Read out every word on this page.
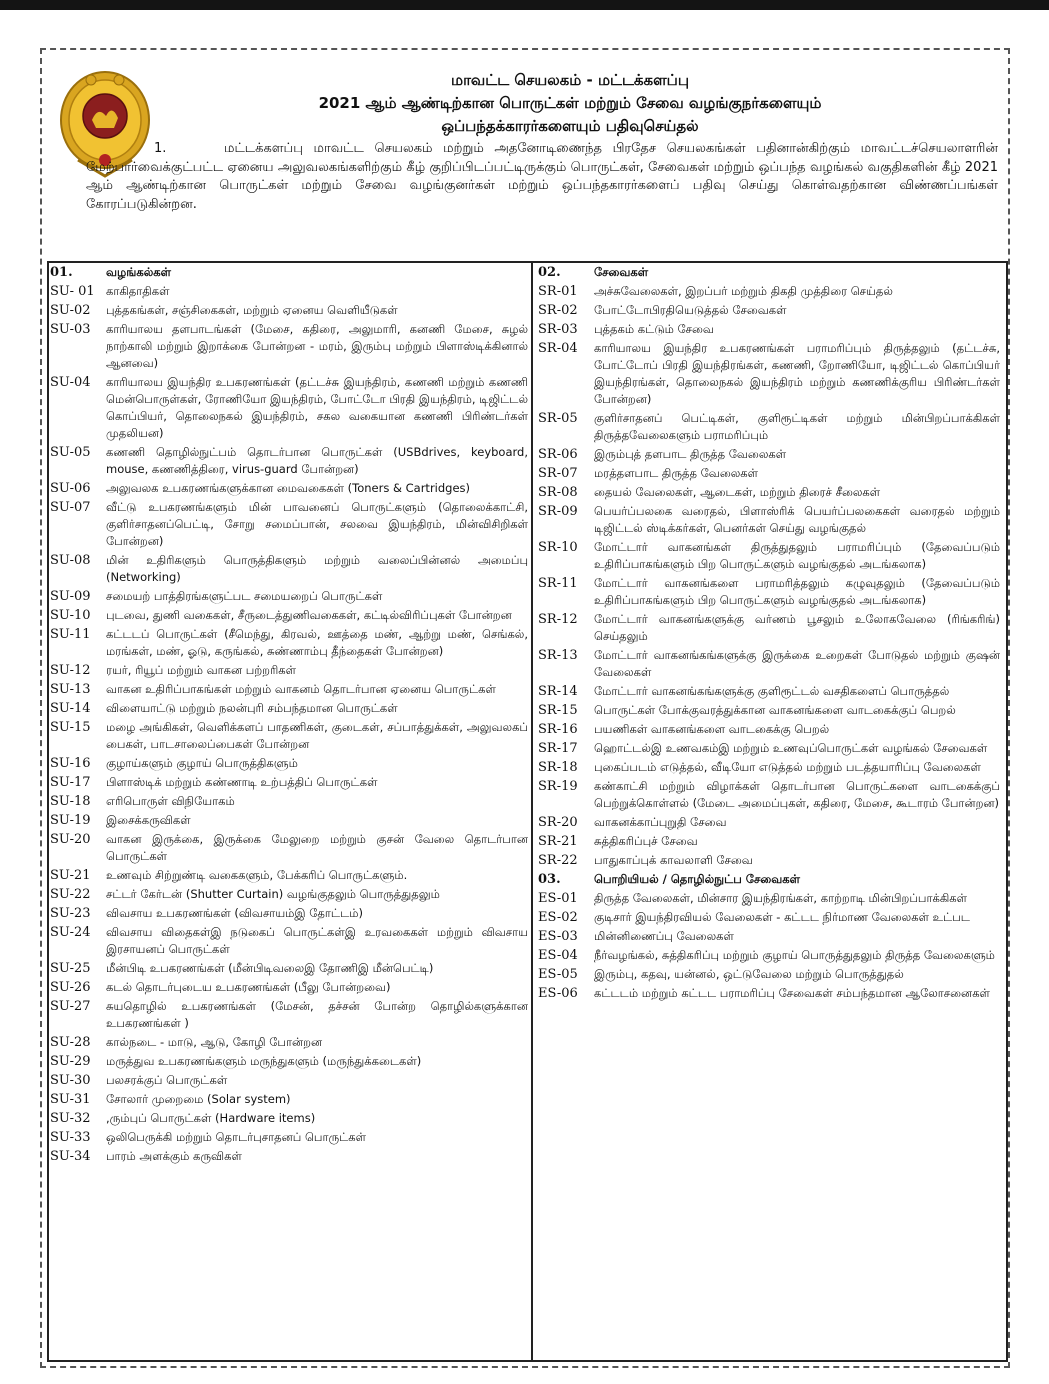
மாவட்ட செயலகம் - மட்டக்களப்பு
2021 ஆம் ஆண்டிற்கான பொருட்கள் மற்றும் சேவை வழங்குநர்களையும்
ஒப்பந்தக்காரர்களையும் பதிவுசெய்தல்
1.	மட்டக்களப்பு மாவட்ட செயலகம் மற்றும் அதனோடிணைந்த பிரதேச செயலகங்கள் பதினான்கிற்கும் மாவட்டச்செயலாளரின் மேற்பார்வைக்குட்பட்ட ஏனைய அலுவலகங்களிற்கும் கீழ் குறிப்பிடப்பட்டிருக்கும் பொருட்கள், சேவைகள் மற்றும் ஒப்பந்த வழங்கல் வகுதிகளின் கீழ் 2021 ஆம் ஆண்டிற்கான பொருட்கள் மற்றும் சேவை வழங்குனர்கள் மற்றும் ஒப்பந்தகாரர்களைப் பதிவு செய்து கொள்வதற்கான விண்ணப்பங்கள் கோரப்படுகின்றன.
01.	வழங்கல்கள்
SU- 01 காகிதாதிகள்
SU-02	புத்தகங்கள், சஞ்சிகைகள், மற்றும் ஏனைய வெளியீடுகள்
SU-03	காரியாலய தளபாடங்கள் (மேசை, கதிரை, அலுமாரி, கனணி மேசை, சுழல் நாற்காலி மற்றும் இறாக்கை போன்றன - மரம், இரும்பு மற்றும் பிளாஸ்டிக்கினால் ஆனவை)
SU-04	காரியாலய இயந்திர உபகரணங்கள் (தட்டச்சு இயந்திரம், கணணி மற்றும் கணணி மென்பொருள்கள், ரோணியோ இயந்திரம், போட்டோ பிரதி இயந்திரம், டிஜிட்டல் கொப்பியர், தொலைநகல் இயந்திரம், சகல வகையான கணணி பிரிண்டர்கள் முதலியன)
SU-05	கணணி தொழில்நுட்பம் தொடர்பான பொருட்கள் (USBdrives, keyboard, mouse, கணணித்திரை, virus-guard போன்றன)
SU-06	அலுவலக உபகரணங்களுக்கான மைவகைகள் (Toners & Cartridges)
SU-07	வீட்டு உபகரணங்களும் மின் பாவனைப் பொருட்களும் (தொலைக்காட்சி, குளிர்சாதனப்பெட்டி, சோறு சமைப்பான், சலவை இயந்திரம், மின்விசிறிகள் போன்றன)
SU-08	மின் உதிரிகளும் பொருத்திகளும் மற்றும் வலைப்பின்னல் அமைப்பு (Networking)
SU-09	சமையற் பாத்திரங்களுட்பட சமையறைப் பொருட்கள்
SU-10	புடவை, துணி வகைகள், சீருடைத்துணிவகைகள், கட்டில்விரிப்புகள் போன்றன
SU-11	கட்டடப் பொருட்கள் (சீமெந்து, கிரவல், ஊத்தை மண், ஆற்று மண், செங்கல், மரங்கள், மண், ஓடு, கருங்கல், சுண்ணாம்பு தீந்தைகள் போன்றன)
SU-12	ரயர், ரியூப் மற்றும் வாகன பற்றரிகள்
SU-13	வாகன உதிரிப்பாகங்கள் மற்றும் வாகனம் தொடர்பான ஏனைய பொருட்கள்
SU-14	விளையாட்டு மற்றும் நலன்புரி சம்பந்தமான பொருட்கள்
SU-15	மழை அங்கிகள், வெளிக்களப் பாதணிகள், குடைகள், சப்பாத்துக்கள், அலுவலகப் பைகள், பாடசாலைப்பைகள் போன்றன
SU-16	குழாய்களும் குழாய் பொருத்திகளும்
SU-17	பிளாஸ்டிக் மற்றும் கண்ணாடி உற்பத்திப் பொருட்கள்
SU-18	எரிபொருள் விநியோகம்
SU-19	இசைக்கருவிகள்
SU-20	வாகன இருக்கை, இருக்கை மேலுறை மற்றும் குசன் வேலை தொடர்பான பொருட்கள்
SU-21	உணவும் சிற்றுண்டி வகைகளும், பேக்கரிப் பொருட்களும்.
SU-22	சட்டர் கேர்டன் (Shutter Curtain) வழங்குதலும் பொருத்துதலும்
SU-23	விவசாய உபகரணங்கள் (விவசாயம்இ தோட்டம்)
SU-24	விவசாய விதைகள்இ நடுகைப் பொருட்கள்இ உரவகைகள் மற்றும் விவசாய இரசாயனப் பொருட்கள்
SU-25	மீன்பிடி உபகரணங்கள் (மீன்பிடிவலைஇ தோணிஇ மீன்பெட்டி)
SU-26	கடல் தொடர்புடைய உபகரணங்கள் (பீலு போன்றவை)
SU-27	சுயதொழில் உபகரணங்கள் (மேசன், தச்சன் போன்ற தொழில்களுக்கான உபகரணங்கள் )
SU-28	கால்நடை - மாடு, ஆடு, கோழி போன்றன
SU-29	மருத்துவ உபகரணங்களும் மருந்துகளும் (மருந்துக்கடைகள்)
SU-30	பலசரக்குப் பொருட்கள்
SU-31	சோலார் முறைமை (Solar system)
SU-32	,ரும்புப் பொருட்கள் (Hardware items)
SU-33	ஒலிபெருக்கி மற்றும் தொடர்புசாதனப் பொருட்கள்
SU-34	பாரம் அளக்கும் கருவிகள்
02.	சேவைகள்
SR-01	அச்சுவேலைகள், இறப்பர் மற்றும் திகதி முத்திரை செய்தல்
SR-02	போட்டோபிரதியெடுத்தல் சேவைகள்
SR-03	புத்தகம் கட்டும் சேவை
SR-04	காரியாலய இயந்திர உபகரணங்கள் பராமரிப்பும் திருத்தலும் (தட்டச்சு, போட்டோப் பிரதி இயந்திரங்கள், கணணி, றோணியோ, டிஜிட்டல் கொப்பியர் இயந்திரங்கள், தொலைநகல் இயந்திரம் மற்றும் கணணிக்குரிய பிரிண்டர்கள் போன்றன)
SR-05	குளிர்சாதனப் பெட்டிகள், குளிரூட்டிகள் மற்றும் மின்பிறப்பாக்கிகள் திருத்தவேலைகளும் பராமரிப்பும்
SR-06	இரும்புத் தளபாட திருத்த வேலைகள்
SR-07	மரத்தளபாட திருத்த வேலைகள்
SR-08	தையல் வேலைகள், ஆடைகள், மற்றும் திரைச் சீலைகள்
SR-09	பெயர்ப்பலகை வரைதல், பிளாஸ்ரிக் பெயர்ப்பலகைகள் வரைதல் மற்றும் டிஜிட்டல் ஸ்டிக்கர்கள், பெனர்கள் செய்து வழங்குதல்
SR-10	மோட்டார் வாகனங்கள் திருத்துதலும் பராமரிப்பும் (தேவைப்படும் உதிரிப்பாகங்களும் பிற பொருட்களும் வழங்குதல் அடங்கலாக)
SR-11	மோட்டார் வாகனங்களை பராமரித்தலும் கழுவுதலும் (தேவைப்படும் உதிரிப்பாகங்களும் பிற பொருட்களும் வழங்குதல் அடங்கலாக)
SR-12	மோட்டார் வாகனங்களுக்கு வர்ணம் பூசலும் உலோகவேலை (ரிங்கரிங்) செய்தலும்
SR-13	மோட்டார் வாகனங்கங்களுக்கு இருக்கை உறைகள் போடுதல் மற்றும் குஷன் வேலைகள்
SR-14	மோட்டார் வாகனங்கங்களுக்கு குளிரூட்டல் வசதிகளைப் பொருத்தல்
SR-15	பொருட்கள் போக்குவரத்துக்கான வாகனங்களை வாடகைக்குப் பெறல்
SR-16	பயணிகள் வாகனங்களை வாடகைக்கு பெறல்
SR-17	ஹொட்டல்இ உணவகம்இ மற்றும் உணவுப்பொருட்கள் வழங்கல் சேவைகள்
SR-18	புகைப்படம் எடுத்தல், வீடியோ எடுத்தல் மற்றும் படத்தயாரிப்பு வேலைகள்
SR-19	கண்காட்சி மற்றும் விழாக்கள் தொடர்பான பொருட்களை வாடகைக்குப் பெற்றுக்கொள்ளல் (மேடை அமைப்புகள், கதிரை, மேசை, கூடாரம் போன்றன)
SR-20	வாகனக்காப்புறுதி சேவை
SR-21	சுத்திகரிப்புச் சேவை
SR-22	பாதுகாப்புக் காவலாளி சேவை
03.	பொறியியல் / தொழில்நுட்ப சேவைகள்
ES-01	திருத்த வேலைகள், மின்சார இயந்திரங்கள், காற்றாடி மின்பிறப்பாக்கிகள்
ES-02	குடிசார் இயந்திரவியல் வேலைகள் - கட்டட நிர்மாண வேலைகள் உட்பட
ES-03	மின்னிணைப்பு வேலைகள்
ES-04	நீர்வழங்கல், சுத்திகரிப்பு மற்றும் குழாய் பொருத்துதலும் திருத்த வேலைகளும்
ES-05	இரும்பு, கதவு, யன்னல், ஒட்டுவேலை மற்றும் பொருத்துதல்
ES-06	கட்டடம் மற்றும் கட்டட பராமரிப்பு சேவைகள் சம்பந்தமான ஆலோசனைகள்
